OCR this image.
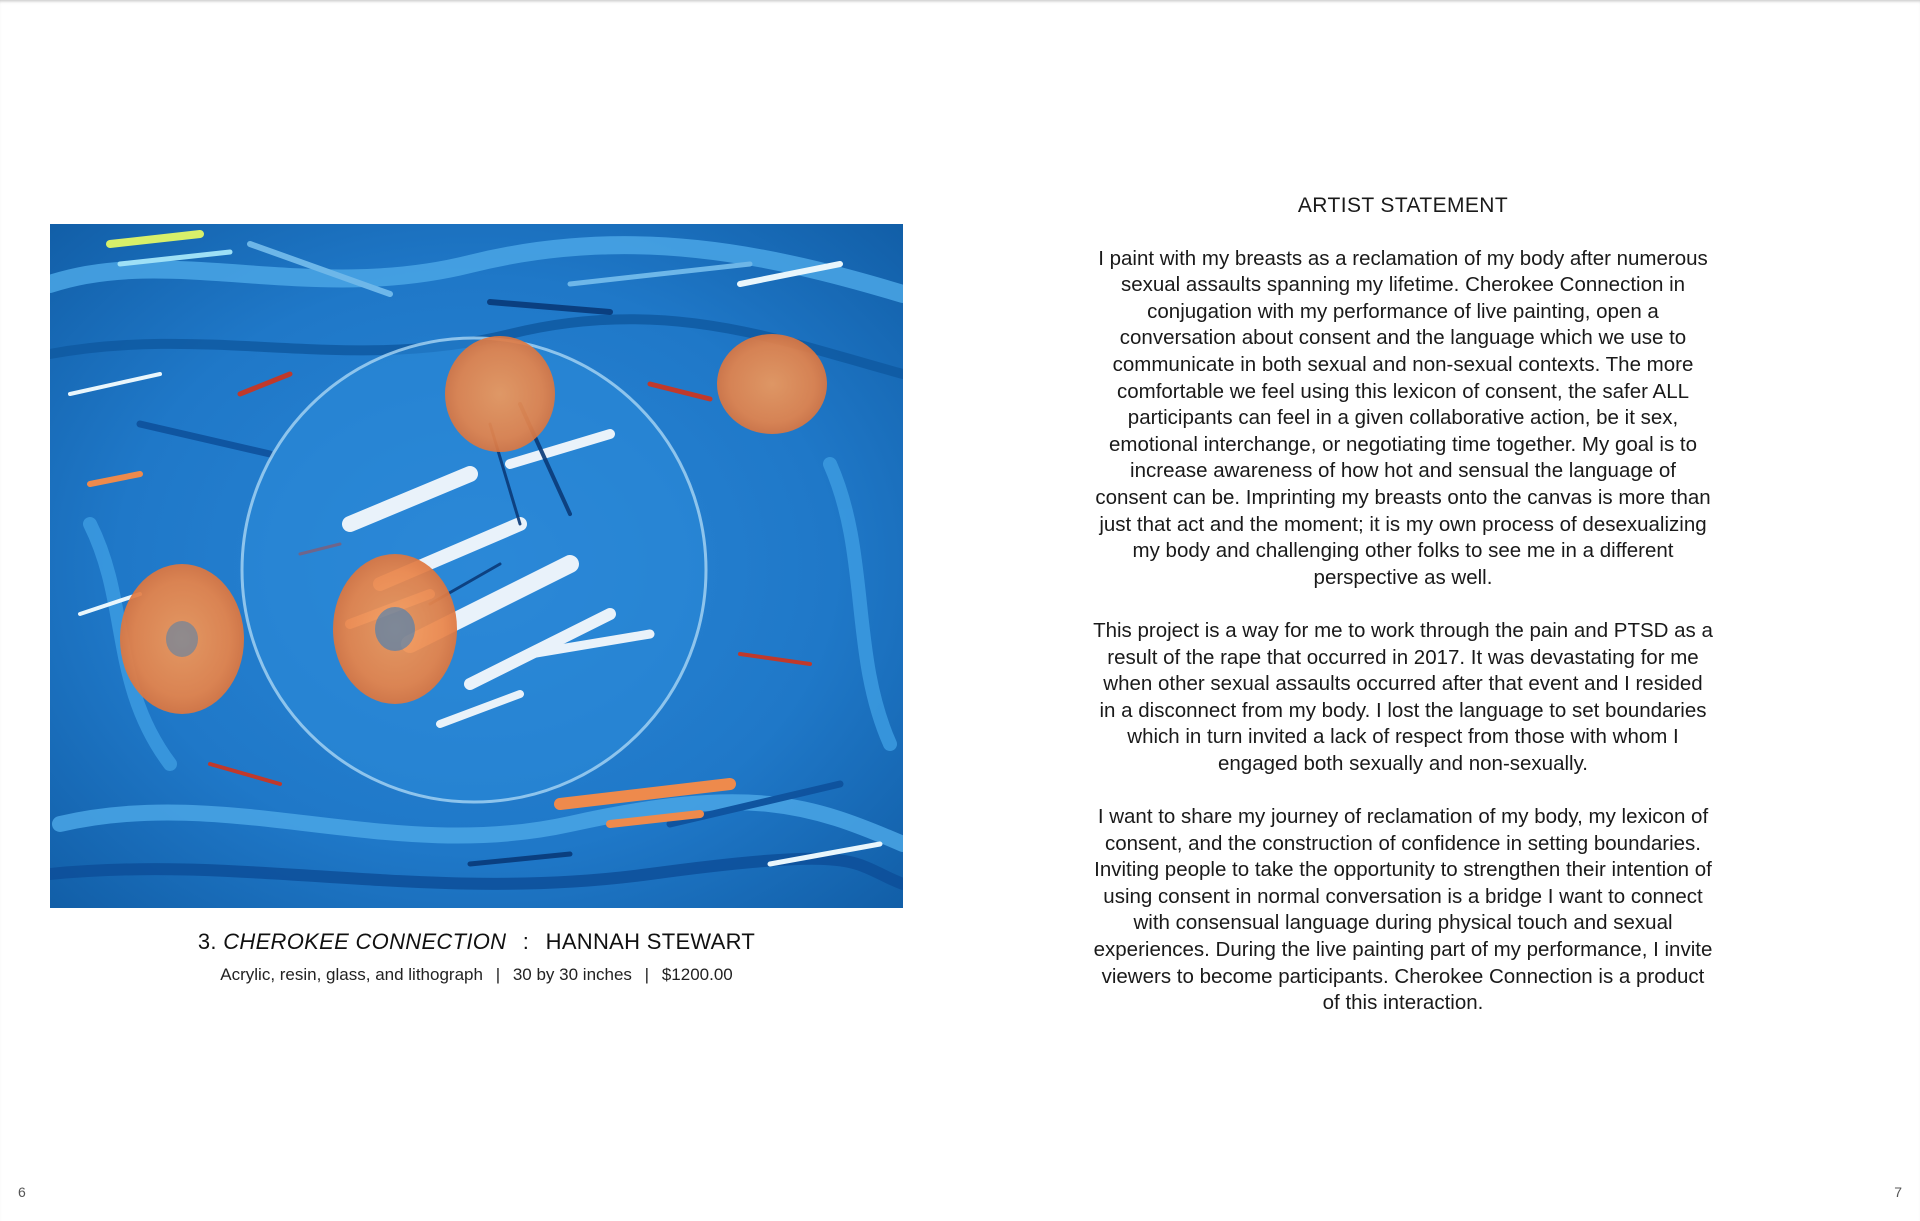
3. CHEROKEE CONNECTION : HANNAH STEWART
Acrylic, resin, glass, and lithograph | 30 by 30 inches | $1200.00
6
ARTIST STATEMENT

I paint with my breasts as a reclamation of my body after numerous sexual assaults spanning my lifetime. Cherokee Connection in conjugation with my performance of live painting, open a conversation about consent and the language which we use to communicate in both sexual and non-sexual contexts. The more comfortable we feel using this lexicon of consent, the safer ALL participants can feel in a given collaborative action, be it sex, emotional interchange, or negotiating time together. My goal is to increase awareness of how hot and sensual the language of consent can be. Imprinting my breasts onto the canvas is more than just that act and the moment; it is my own process of desexualizing my body and challenging other folks to see me in a different perspective as well.

This project is a way for me to work through the pain and PTSD as a result of the rape that occurred in 2017. It was devastating for me when other sexual assaults occurred after that event and I resided in a disconnect from my body. I lost the language to set boundaries which in turn invited a lack of respect from those with whom I engaged both sexually and non-sexually.

I want to share my journey of reclamation of my body, my lexicon of consent, and the construction of confidence in setting boundaries. Inviting people to take the opportunity to strengthen their intention of using consent in normal conversation is a bridge I want to connect with consensual language during physical touch and sexual experiences. During the live painting part of my performance, I invite viewers to become participants. Cherokee Connection is a product of this interaction.

7
